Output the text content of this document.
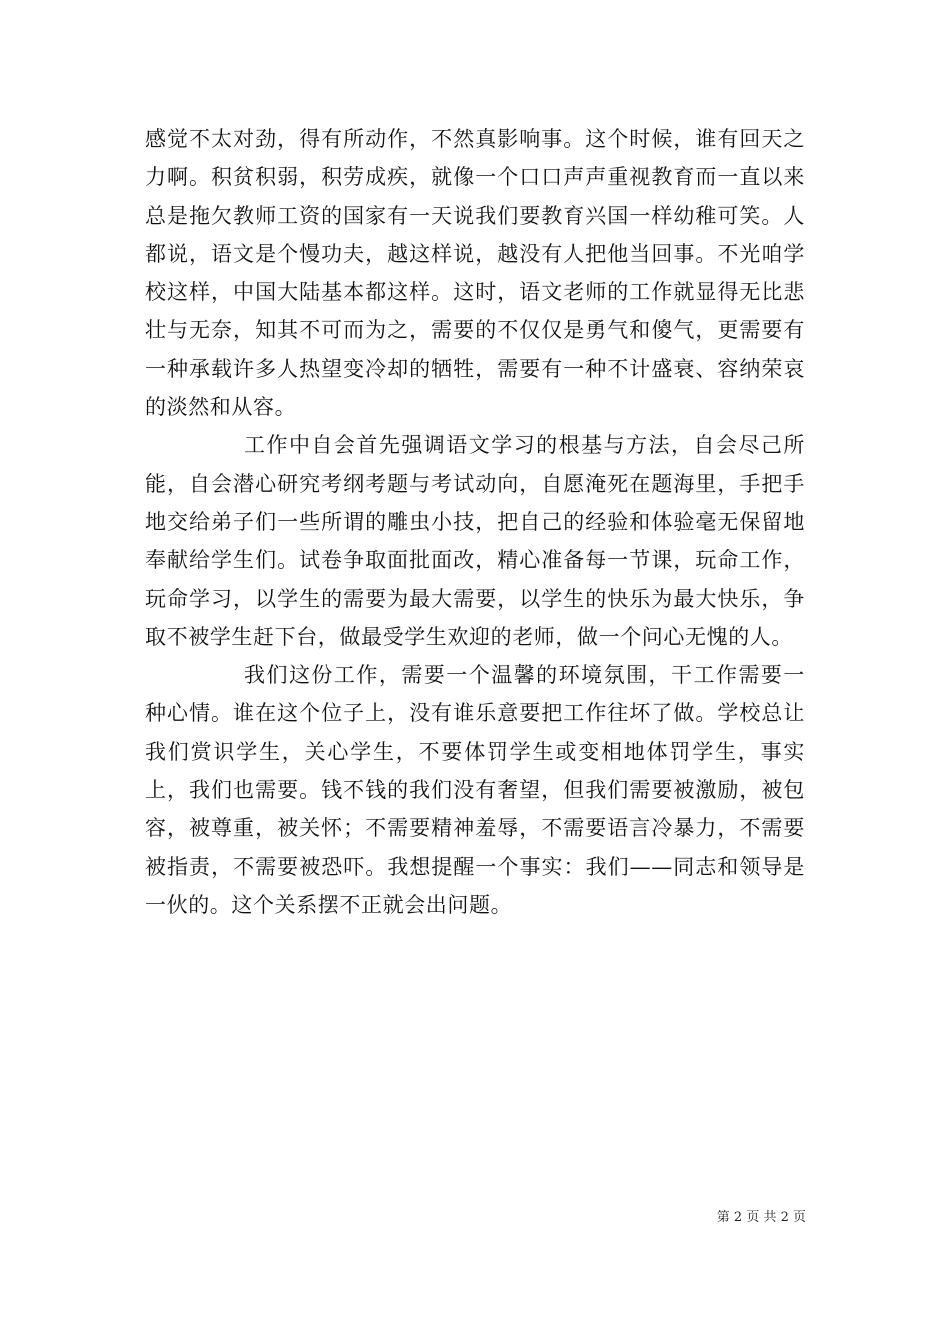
感觉不太对劲，得有所动作，不然真影响事。这个时候，谁有回天之力啊。积贫积弱，积劳成疾，就像一个口口声声重视教育而一直以来总是拖欠教师工资的国家有一天说我们要教育兴国一样幼稚可笑。人都说，语文是个慢功夫，越这样说，越没有人把他当回事。不光咱学校这样，中国大陆基本都这样。这时，语文老师的工作就显得无比悲壮与无奈，知其不可而为之，需要的不仅仅是勇气和傻气，更需要有一种承载许多人热望变冷却的牺牲，需要有一种不计盛衰、容纳荣哀的淡然和从容。

工作中自会首先强调语文学习的根基与方法，自会尽己所能，自会潜心研究考纲考题与考试动向，自愿淹死在题海里，手把手地交给弟子们一些所谓的雕虫小技，把自己的经验和体验毫无保留地奉献给学生们。试卷争取面批面改，精心准备每一节课，玩命工作，玩命学习，以学生的需要为最大需要，以学生的快乐为最大快乐，争取不被学生赶下台，做最受学生欢迎的老师，做一个问心无愧的人。

我们这份工作，需要一个温馨的环境氛围，干工作需要一种心情。谁在这个位子上，没有谁乐意要把工作往坏了做。学校总让我们赏识学生，关心学生，不要体罚学生或变相地体罚学生，事实上，我们也需要。钱不钱的我们没有奢望，但我们需要被激励，被包容，被尊重，被关怀；不需要精神羞辱，不需要语言冷暴力，不需要被指责，不需要被恐吓。我想提醒一个事实：我们——同志和领导是一伙的。这个关系摆不正就会出问题。

第 2 页 共 2 页
